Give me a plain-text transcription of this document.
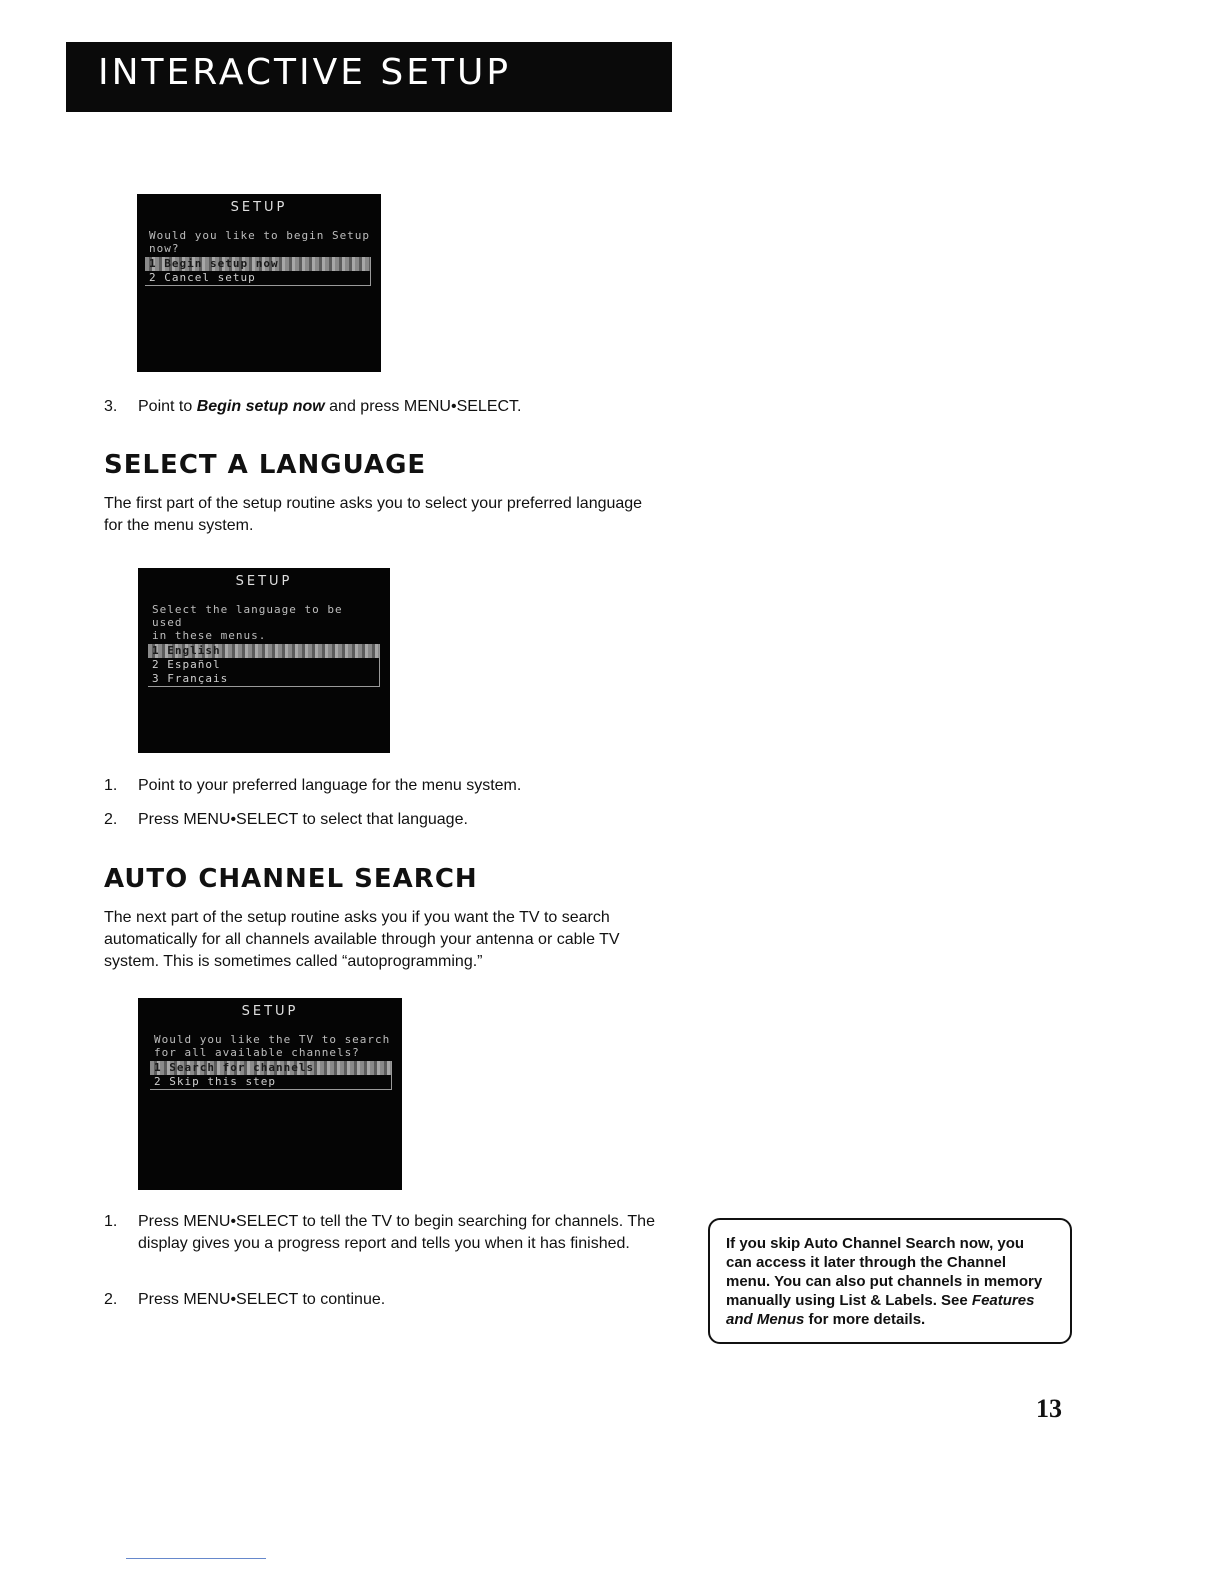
INTERACTIVE SETUP
SETUP
Would you like to begin Setup
now?
1 Begin setup now
2 Cancel setup
3. Point to Begin setup now and press MENU•SELECT.
SELECT A LANGUAGE
The first part of the setup routine asks you to select your preferred language for the menu system.
SETUP
Select the language to be used
in these menus.
1 English
2 Español
3 Français
1. Point to your preferred language for the menu system.
2. Press MENU•SELECT to select that language.
AUTO CHANNEL SEARCH
The next part of the setup routine asks you if you want the TV to search automatically for all channels available through your antenna or cable TV system. This is sometimes called “autoprogramming.”
SETUP
Would you like the TV to search
for all available channels?
1 Search for channels
2 Skip this step
1. Press MENU•SELECT to tell the TV to begin searching for channels. The display gives you a progress report and tells you when it has finished.
2. Press MENU•SELECT to continue.
If you skip Auto Channel Search now, you can access it later through the Channel menu. You can also put channels in memory manually using List & Labels. See Features and Menus for more details.
13
